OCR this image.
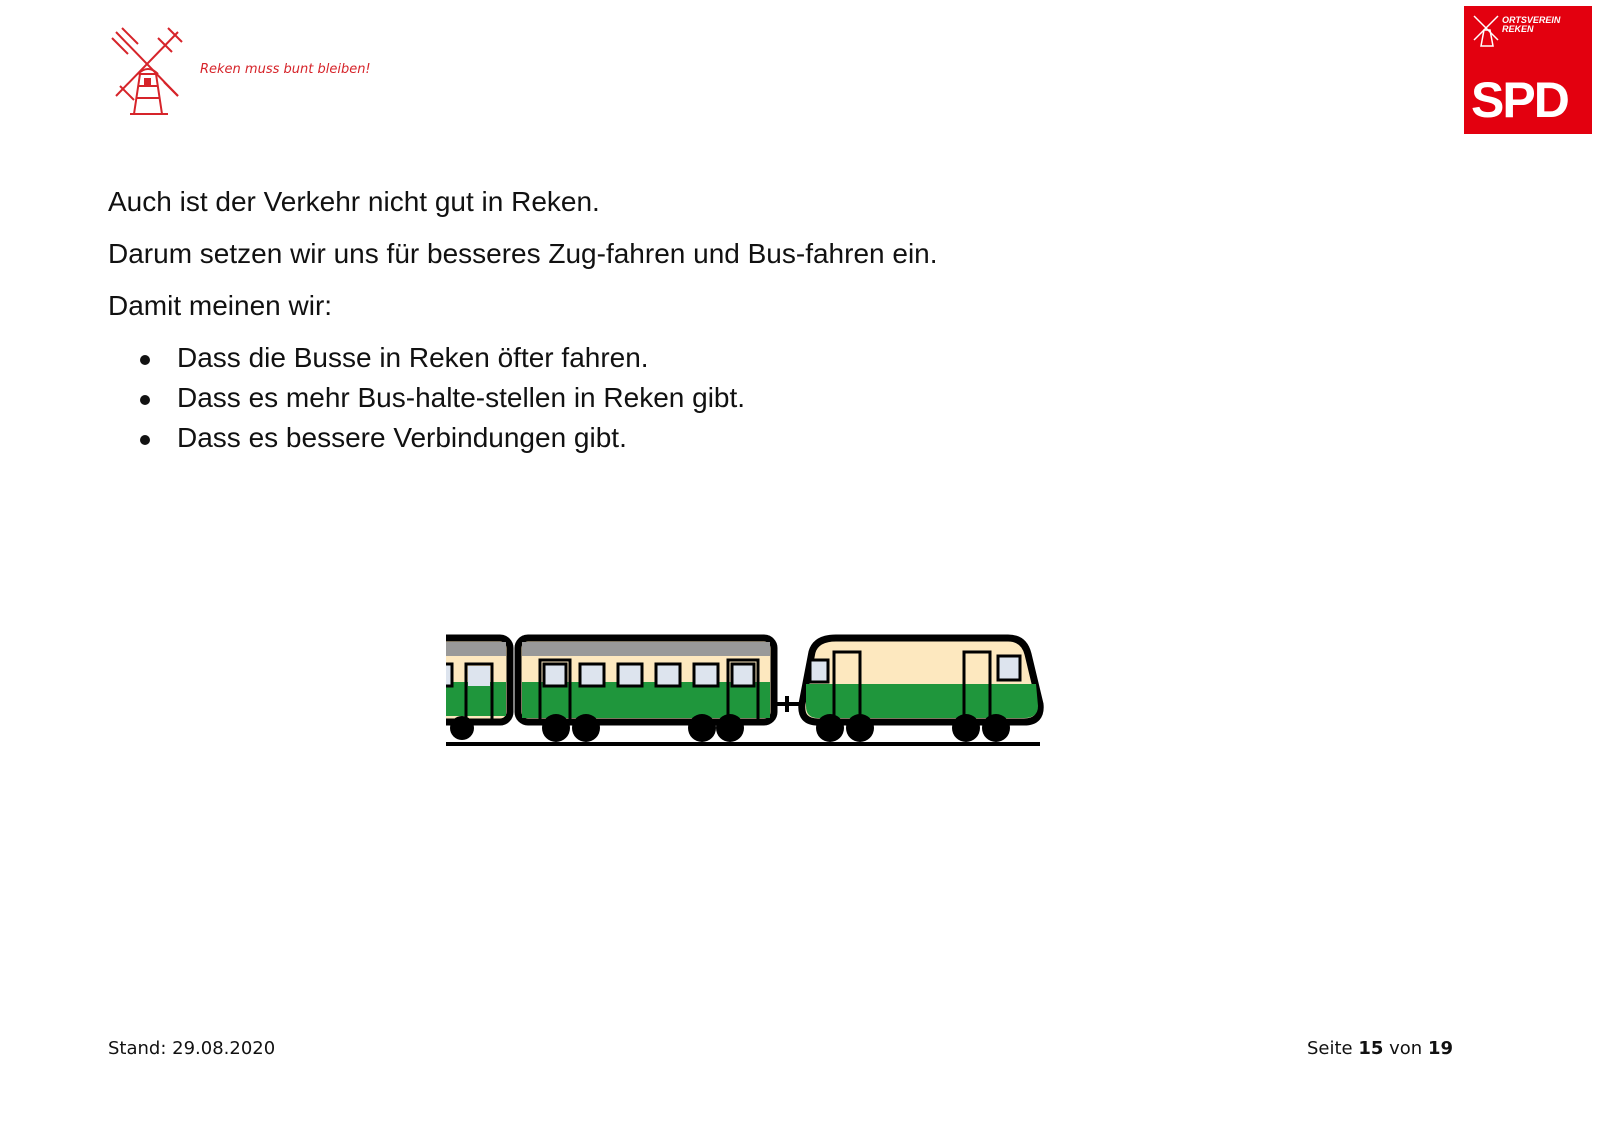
Reken muss bunt bleiben!
ORTSVEREIN
REKEN
SPD

Auch ist der Verkehr nicht gut in Reken.

Darum setzen wir uns für besseres Zug-fahren und Bus-fahren ein.

Damit meinen wir:

Dass die Busse in Reken öfter fahren.
Dass es mehr Bus-halte-stellen in Reken gibt.
Dass es bessere Verbindungen gibt.
Stand: 29.08.2020	Seite 15 von 19
